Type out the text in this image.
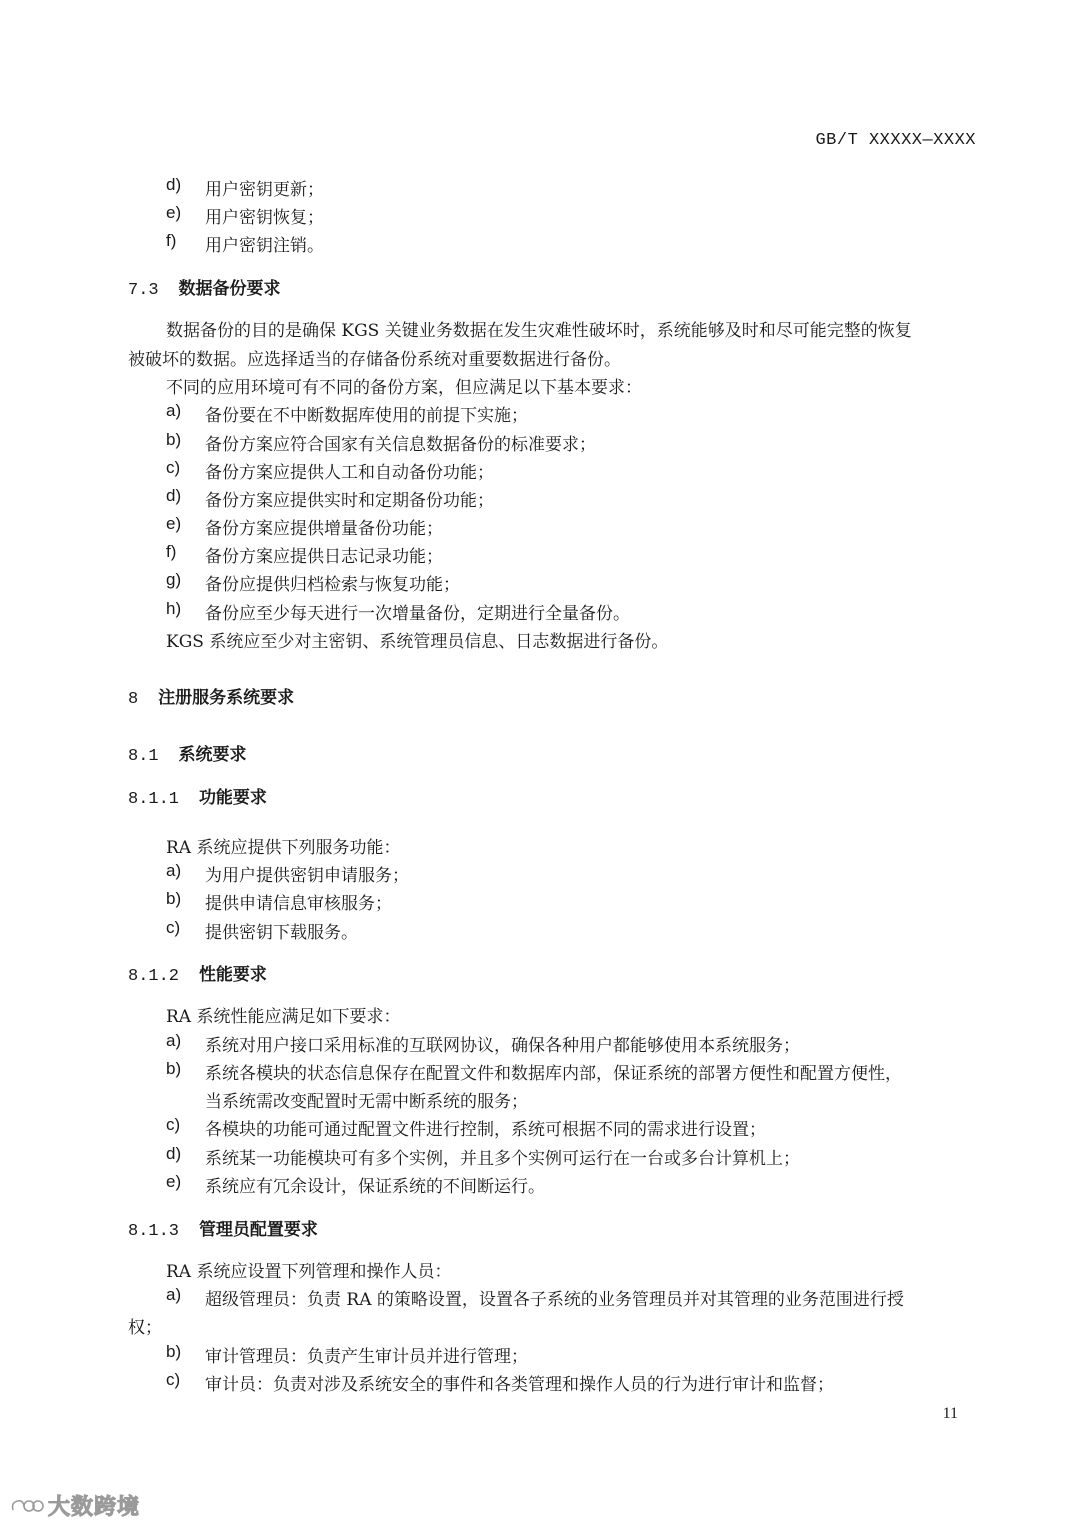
GB/T XXXXX—XXXX
d) 用户密钥更新；
e) 用户密钥恢复；
f) 用户密钥注销。
7.3 数据备份要求
数据备份的目的是确保 KGS 关键业务数据在发生灾难性破坏时，系统能够及时和尽可能完整的恢复
被破坏的数据。应选择适当的存储备份系统对重要数据进行备份。
不同的应用环境可有不同的备份方案，但应满足以下基本要求：
a) 备份要在不中断数据库使用的前提下实施；
b) 备份方案应符合国家有关信息数据备份的标准要求；
c) 备份方案应提供人工和自动备份功能；
d) 备份方案应提供实时和定期备份功能；
e) 备份方案应提供增量备份功能；
f) 备份方案应提供日志记录功能；
g) 备份应提供归档检索与恢复功能；
h) 备份应至少每天进行一次增量备份，定期进行全量备份。
KGS 系统应至少对主密钥、系统管理员信息、日志数据进行备份。
8 注册服务系统要求
8.1 系统要求
8.1.1 功能要求
RA 系统应提供下列服务功能：
a) 为用户提供密钥申请服务；
b) 提供申请信息审核服务；
c) 提供密钥下载服务。
8.1.2 性能要求
RA 系统性能应满足如下要求：
a) 系统对用户接口采用标准的互联网协议，确保各种用户都能够使用本系统服务；
b) 系统各模块的状态信息保存在配置文件和数据库内部，保证系统的部署方便性和配置方便性，
当系统需改变配置时无需中断系统的服务；
c) 各模块的功能可通过配置文件进行控制，系统可根据不同的需求进行设置；
d) 系统某一功能模块可有多个实例，并且多个实例可运行在一台或多台计算机上；
e) 系统应有冗余设计，保证系统的不间断运行。
8.1.3 管理员配置要求
RA 系统应设置下列管理和操作人员：
a) 超级管理员：负责 RA 的策略设置，设置各子系统的业务管理员并对其管理的业务范围进行授
权；
b) 审计管理员：负责产生审计员并进行管理；
c) 审计员：负责对涉及系统安全的事件和各类管理和操作人员的行为进行审计和监督；
11
大数跨境
